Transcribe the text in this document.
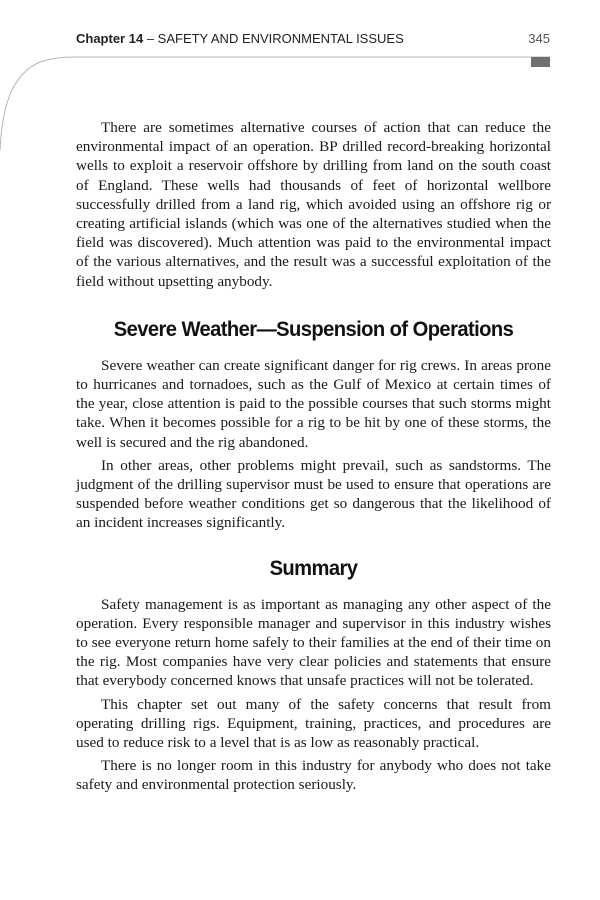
Chapter 14 – SAFETY AND ENVIRONMENTAL ISSUES	345

There are sometimes alternative courses of action that can reduce the environmental impact of an operation. BP drilled record-breaking horizontal wells to exploit a reservoir offshore by drilling from land on the south coast of England. These wells had thousands of feet of horizontal wellbore successfully drilled from a land rig, which avoided using an offshore rig or creating artificial islands (which was one of the alternatives studied when the field was discovered). Much attention was paid to the environmental impact of the various alternatives, and the result was a successful exploitation of the field without upsetting anybody.

Severe Weather—Suspension of Operations

Severe weather can create significant danger for rig crews. In areas prone to hurricanes and tornadoes, such as the Gulf of Mexico at certain times of the year, close attention is paid to the possible courses that such storms might take. When it becomes possible for a rig to be hit by one of these storms, the well is secured and the rig abandoned.

In other areas, other problems might prevail, such as sandstorms. The judgment of the drilling supervisor must be used to ensure that operations are suspended before weather conditions get so dangerous that the likelihood of an incident increases significantly.

Summary

Safety management is as important as managing any other aspect of the operation. Every responsible manager and supervisor in this industry wishes to see everyone return home safely to their families at the end of their time on the rig. Most companies have very clear policies and statements that ensure that everybody concerned knows that unsafe practices will not be tolerated.

This chapter set out many of the safety concerns that result from operating drilling rigs. Equipment, training, practices, and procedures are used to reduce risk to a level that is as low as reasonably practical.

There is no longer room in this industry for anybody who does not take safety and environmental protection seriously.
